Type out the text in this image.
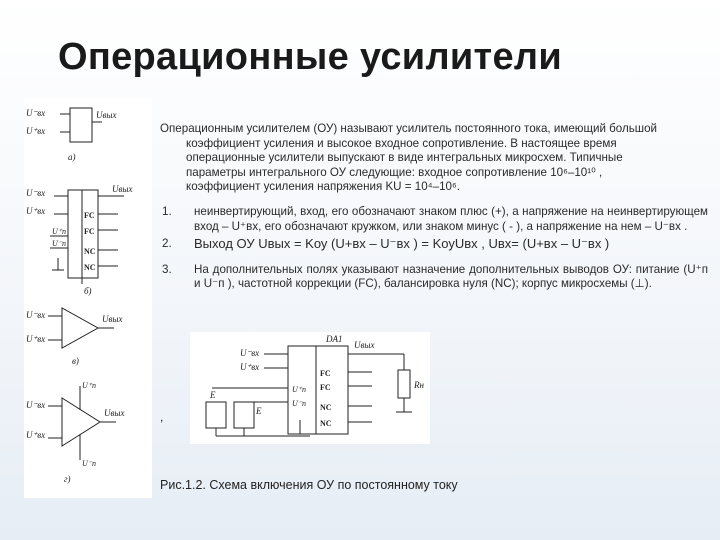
Операционные усилители
U⁻вх
U⁺вх
Uвых
а)
U⁻вх
U⁺вх
Uвых
U⁺п
U⁻п
FC
FC
NC
NC
б)
U⁻вх
U⁺вх
Uвых
в)
U⁻вх
U⁺вх
Uвых
U⁺п
U⁻п
г)

Операционным усилителем (ОУ) называют усилитель постоянного тока, имеющий большой
коэффициент усиления и высокое входное сопротивление. В настоящее время
операционные усилители выпускают в виде интегральных микросхем. Типичные
параметры интегрального ОУ следующие: входное сопротивление 10⁶–10¹⁰ ,
коэффициент усиления напряжения KU = 10⁴–10⁶.

1. неинвертирующий, вход, его обозначают знаком плюс (+), а напряжение на неинвертирующем вход – U⁺вх, его обозначают кружком, или знаком минус ( - ), а напряжение на нем – U⁻вх .
2. Выход ОУ Uвых = Kоу (U+вх – U⁻вх ) = KоуUвх , Uвх= (U+вх – U⁻вх )
3. На дополнительных полях указывают назначение дополнительных выводов ОУ: питание (U⁺п и U⁻п ), частотной коррекции (FC), балансировка нуля (NC); корпус микросхемы (⊥).
DA1
U⁻вх
U⁺вх
Uвых
U⁺п
U⁻п
FC
FC
NC
NC
Rн
E
E
,

Рис.1.2. Схема включения ОУ по постоянному току
